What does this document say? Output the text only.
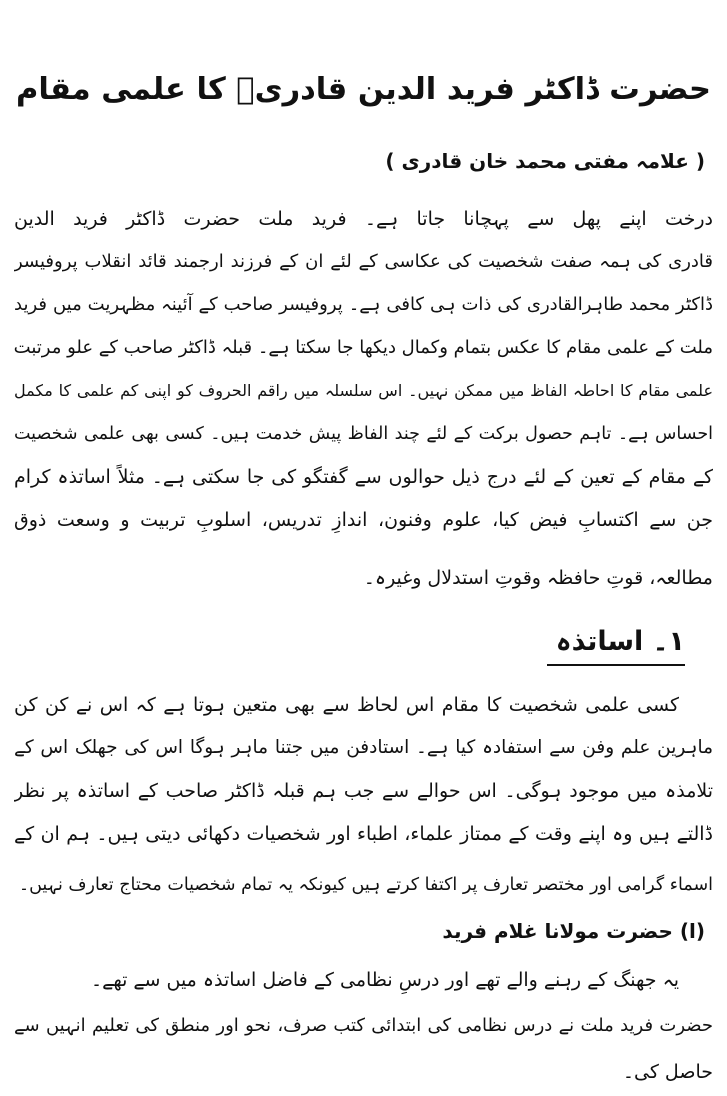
حضرت ڈاکٹر فرید الدین قادریؒ کا علمی مقام
( علامہ مفتی محمد خان قادری )
درخت اپنے پھل سے پہچانا جاتا ہے۔ فرید ملت حضرت ڈاکٹر فرید الدین
قادری کی ہمہ صفت شخصیت کی عکاسی کے لئے ان کے فرزند ارجمند قائد انقلاب پروفیسر
ڈاکٹر محمد طاہرالقادری کی ذات ہی کافی ہے۔ پروفیسر صاحب کے آئینہ مظہریت میں فرید
ملت کے علمی مقام کا عکس بتمام وکمال دیکھا جا سکتا ہے۔ قبلہ ڈاکٹر صاحب کے علو مرتبت
علمی مقام کا احاطہ الفاظ میں ممکن نہیں۔ اس سلسلہ میں راقم الحروف کو اپنی کم علمی کا مکمل
احساس ہے۔ تاہم حصول برکت کے لئے چند الفاظ پیش خدمت ہیں۔ کسی بھی علمی شخصیت
کے مقام کے تعین کے لئے درج ذیل حوالوں سے گفتگو کی جا سکتی ہے۔ مثلاً اساتذہ کرام
جن سے اکتسابِ فیض کیا، علوم وفنون، اندازِ تدریس، اسلوبِ تربیت و وسعت ذوق
مطالعہ، قوتِ حافظہ وقوتِ استدلال وغیرہ۔
١۔ اساتذہ
کسی علمی شخصیت کا مقام اس لحاظ سے بھی متعین ہوتا ہے کہ اس نے کن کن
ماہرین علم وفن سے استفادہ کیا ہے۔ استادفن میں جتنا ماہر ہوگا اس کی جھلک اس کے
تلامذہ میں موجود ہوگی۔ اس حوالے سے جب ہم قبلہ ڈاکٹر صاحب کے اساتذہ پر نظر
ڈالتے ہیں وہ اپنے وقت کے ممتاز علماء، اطباء اور شخصیات دکھائی دیتی ہیں۔ ہم ان کے
اسماء گرامی اور مختصر تعارف پر اکتفا کرتے ہیں کیونکہ یہ تمام شخصیات محتاج تعارف نہیں۔
(ا) حضرت مولانا غلام فرید
یہ جھنگ کے رہنے والے تھے اور درسِ نظامی کے فاضل اساتذہ میں سے تھے۔
حضرت فرید ملت نے درس نظامی کی ابتدائی کتب صرف، نحو اور منطق کی تعلیم انہیں سے
حاصل کی۔
